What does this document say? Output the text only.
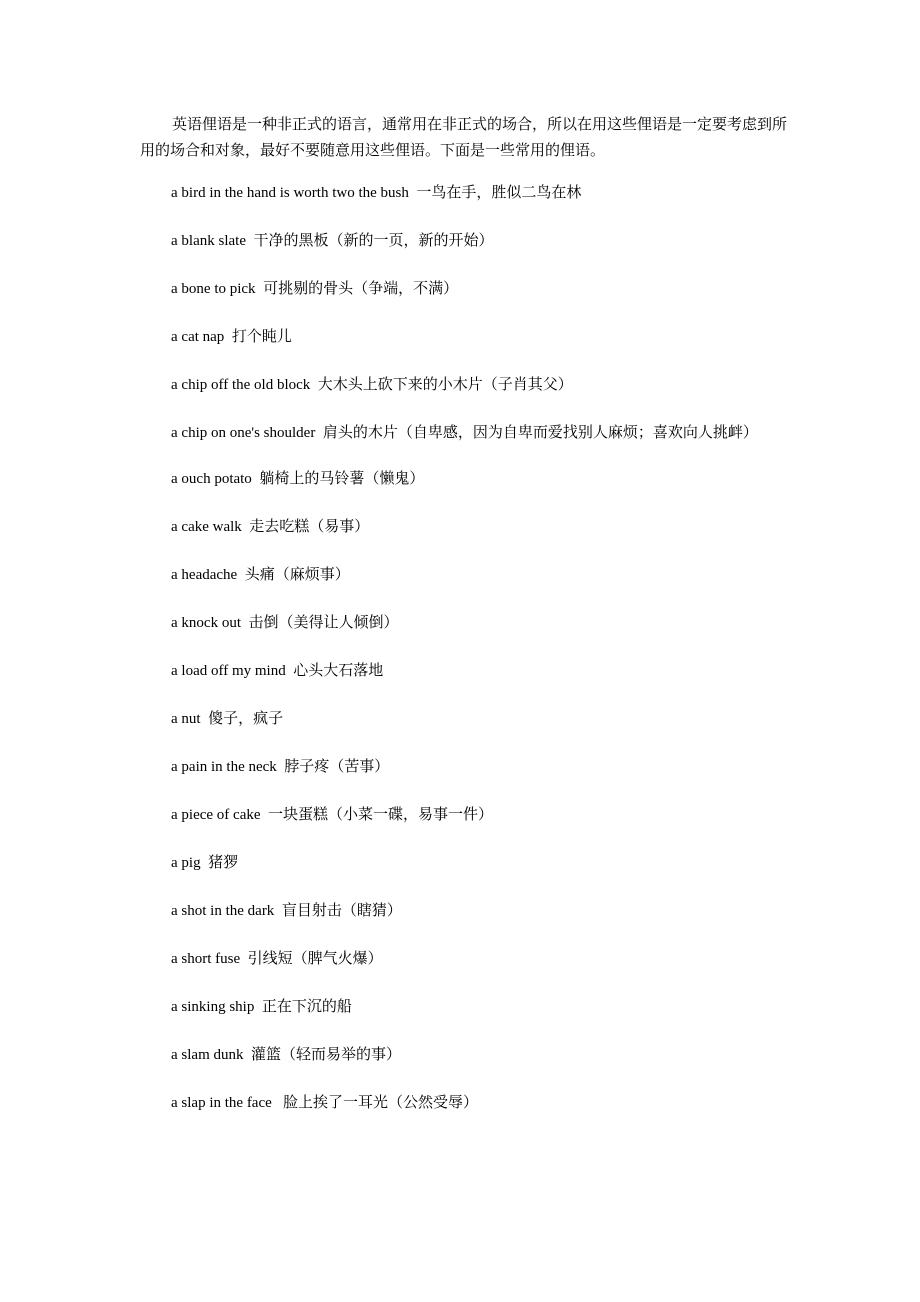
英语俚语是一种非正式的语言，通常用在非正式的场合，所以在用这些俚语是一定要考虑到所用的场合和对象，最好不要随意用这些俚语。下面是一些常用的俚语。

a bird in the hand is worth two the bush 一鸟在手，胜似二鸟在林
a blank slate 干净的黑板（新的一页，新的开始）
a bone to pick 可挑剔的骨头（争端，不满）
a cat nap 打个盹儿
a chip off the old block 大木头上砍下来的小木片（子肖其父）
a chip on one's shoulder 肩头的木片（自卑感，因为自卑而爱找别人麻烦；喜欢向人挑衅）
a ouch potato 躺椅上的马铃薯（懒鬼）
a cake walk 走去吃糕（易事）
a headache 头痛（麻烦事）
a knock out 击倒（美得让人倾倒）
a load off my mind 心头大石落地
a nut 傻子，疯子
a pain in the neck 脖子疼（苦事）
a piece of cake 一块蛋糕（小菜一碟，易事一件）
a pig 猪猡
a shot in the dark 盲目射击（瞎猜）
a short fuse 引线短（脾气火爆）
a sinking ship 正在下沉的船
a slam dunk 灌篮（轻而易举的事）
a slap in the face   脸上挨了一耳光（公然受辱）
